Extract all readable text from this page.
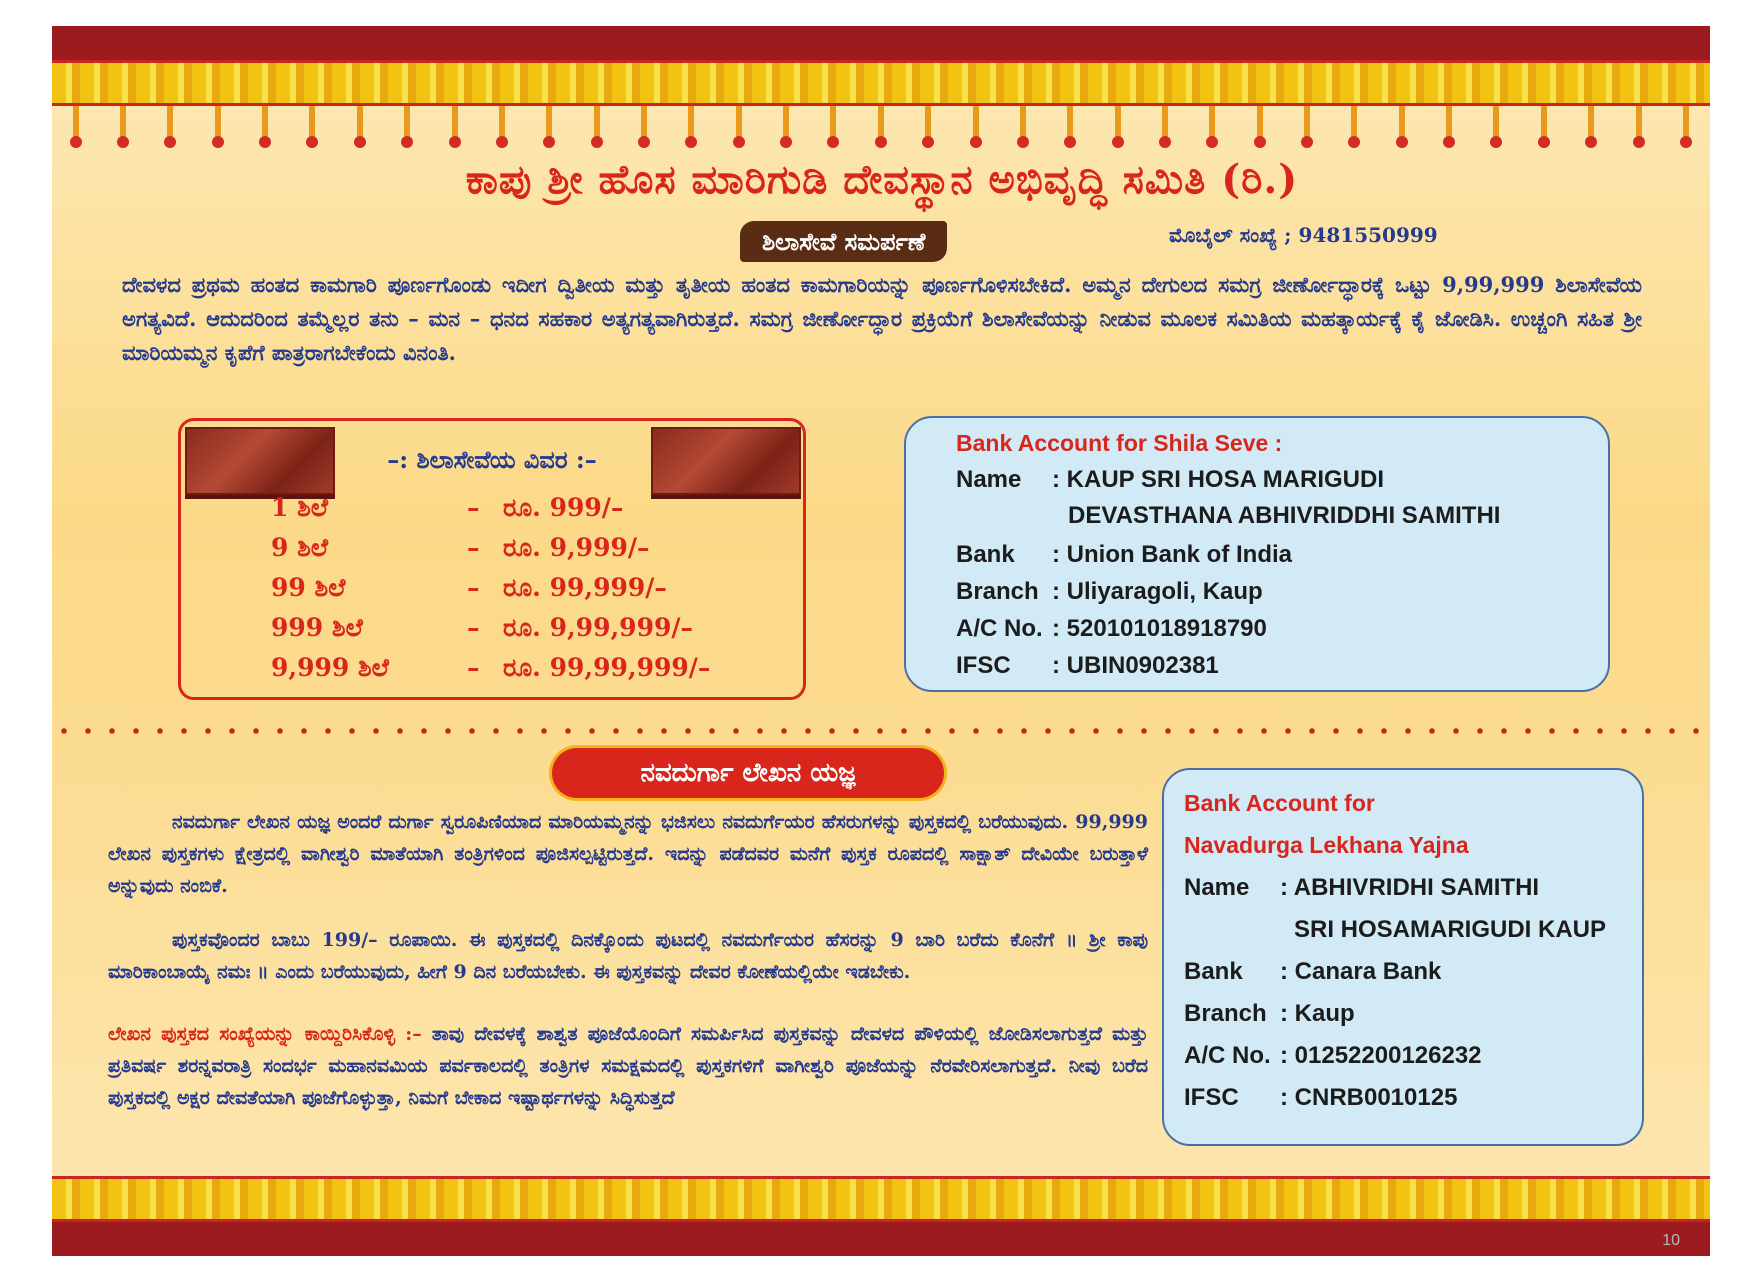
ಕಾಪು ಶ್ರೀ ಹೊಸ ಮಾರಿಗುಡಿ ದೇವಸ್ಥಾನ ಅಭಿವೃದ್ಧಿ ಸಮಿತಿ (ರಿ.)
ಶಿಲಾಸೇವೆ ಸಮರ್ಪಣೆ	ಮೊಬೈಲ್ ಸಂಖ್ಯೆ ; 9481550999
ದೇವಳದ ಪ್ರಥಮ ಹಂತದ ಕಾಮಗಾರಿ ಪೂರ್ಣಗೊಂಡು ಇದೀಗ ದ್ವಿತೀಯ ಮತ್ತು ತೃತೀಯ ಹಂತದ ಕಾಮಗಾರಿಯನ್ನು ಪೂರ್ಣಗೊಳಿಸಬೇಕಿದೆ. ಅಮ್ಮನ ದೇಗುಲದ ಸಮಗ್ರ ಜೀರ್ಣೋದ್ಧಾರಕ್ಕೆ ಒಟ್ಟು 9,99,999 ಶಿಲಾಸೇವೆಯ ಅಗತ್ಯವಿದೆ. ಆದುದರಿಂದ ತಮ್ಮೆಲ್ಲರ ತನು – ಮನ – ಧನದ ಸಹಕಾರ ಅತ್ಯಗತ್ಯವಾಗಿರುತ್ತದೆ. ಸಮಗ್ರ ಜೀರ್ಣೋದ್ಧಾರ ಪ್ರಕ್ರಿಯೆಗೆ ಶಿಲಾಸೇವೆಯನ್ನು ನೀಡುವ ಮೂಲಕ ಸಮಿತಿಯ ಮಹತ್ಕಾರ್ಯಕ್ಕೆ ಕೈ ಜೋಡಿಸಿ. ಉಚ್ಚಂಗಿ ಸಹಿತ ಶ್ರೀ ಮಾರಿಯಮ್ಮನ ಕೃಪೆಗೆ ಪಾತ್ರರಾಗಬೇಕೆಂದು ವಿನಂತಿ.
–: ಶಿಲಾಸೇವೆಯ ವಿವರ :–
1 ಶಿಲೆ	– ರೂ. 999/–
9 ಶಿಲೆ	– ರೂ. 9,999/–
99 ಶಿಲೆ	– ರೂ. 99,999/–
999 ಶಿಲೆ	– ರೂ. 9,99,999/–
9,999 ಶಿಲೆ	– ರೂ. 99,99,999/–
Bank Account for Shila Seve :
Name : KAUP SRI HOSA MARIGUDI
DEVASTHANA ABHIVRIDDHI SAMITHI
Bank : Union Bank of India
Branch : Uliyaragoli, Kaup
A/C No. : 520101018918790
IFSC : UBIN0902381
ನವದುರ್ಗಾ ಲೇಖನ ಯಜ್ಞ
ನವದುರ್ಗಾ ಲೇಖನ ಯಜ್ಞ ಅಂದರೆ ದುರ್ಗಾ ಸ್ವರೂಪಿಣಿಯಾದ ಮಾರಿಯಮ್ಮನನ್ನು ಭಜಿಸಲು ನವದುರ್ಗೆಯರ ಹೆಸರುಗಳನ್ನು ಪುಸ್ತಕದಲ್ಲಿ ಬರೆಯುವುದು. 99,999 ಲೇಖನ ಪುಸ್ತಕಗಳು ಕ್ಷೇತ್ರದಲ್ಲಿ ವಾಗೀಶ್ವರಿ ಮಾತೆಯಾಗಿ ತಂತ್ರಿಗಳಿಂದ ಪೂಜಿಸಲ್ಪಟ್ಟಿರುತ್ತದೆ. ಇದನ್ನು ಪಡೆದವರ ಮನೆಗೆ ಪುಸ್ತಕ ರೂಪದಲ್ಲಿ ಸಾಕ್ಷಾತ್ ದೇವಿಯೇ ಬರುತ್ತಾಳೆ ಅನ್ನುವುದು ನಂಬಿಕೆ.
ಪುಸ್ತಕವೊಂದರ ಬಾಬು 199/– ರೂಪಾಯಿ. ಈ ಪುಸ್ತಕದಲ್ಲಿ ದಿನಕ್ಕೊಂದು ಪುಟದಲ್ಲಿ ನವದುರ್ಗೆಯರ ಹೆಸರನ್ನು 9 ಬಾರಿ ಬರೆದು ಕೊನೆಗೆ ॥ ಶ್ರೀ ಕಾಪು ಮಾರಿಕಾಂಬಾಯೈ ನಮಃ ॥ ಎಂದು ಬರೆಯುವುದು, ಹೀಗೆ 9 ದಿನ ಬರೆಯಬೇಕು. ಈ ಪುಸ್ತಕವನ್ನು ದೇವರ ಕೋಣೆಯಲ್ಲಿಯೇ ಇಡಬೇಕು.
ಲೇಖನ ಪುಸ್ತಕದ ಸಂಖ್ಯೆಯನ್ನು ಕಾಯ್ದಿರಿಸಿಕೊಳ್ಳಿ :– ತಾವು ದೇವಳಕ್ಕೆ ಶಾಶ್ವತ ಪೂಜೆಯೊಂದಿಗೆ ಸಮರ್ಪಿಸಿದ ಪುಸ್ತಕವನ್ನು ದೇವಳದ ಪೌಳಿಯಲ್ಲಿ ಜೋಡಿಸಲಾಗುತ್ತದೆ ಮತ್ತು ಪ್ರತಿವರ್ಷ ಶರನ್ನವರಾತ್ರಿ ಸಂದರ್ಭ ಮಹಾನವಮಿಯ ಪರ್ವಕಾಲದಲ್ಲಿ ತಂತ್ರಿಗಳ ಸಮಕ್ಷಮದಲ್ಲಿ ಪುಸ್ತಕಗಳಿಗೆ ವಾಗೀಶ್ವರಿ ಪೂಜೆಯನ್ನು ನೆರವೇರಿಸಲಾಗುತ್ತದೆ. ನೀವು ಬರೆದ ಪುಸ್ತಕದಲ್ಲಿ ಅಕ್ಷರ ದೇವತೆಯಾಗಿ ಪೂಜೆಗೊಳ್ಳುತ್ತಾ, ನಿಮಗೆ ಬೇಕಾದ ಇಷ್ಟಾರ್ಥಗಳನ್ನು ಸಿದ್ಧಿಸುತ್ತದೆ
Bank Account for
Navadurga Lekhana Yajna
Name : ABHIVRIDHI SAMITHI
SRI HOSAMARIGUDI KAUP
Bank : Canara Bank
Branch : Kaup
A/C No. : 01252200126232
IFSC : CNRB0010125
10
